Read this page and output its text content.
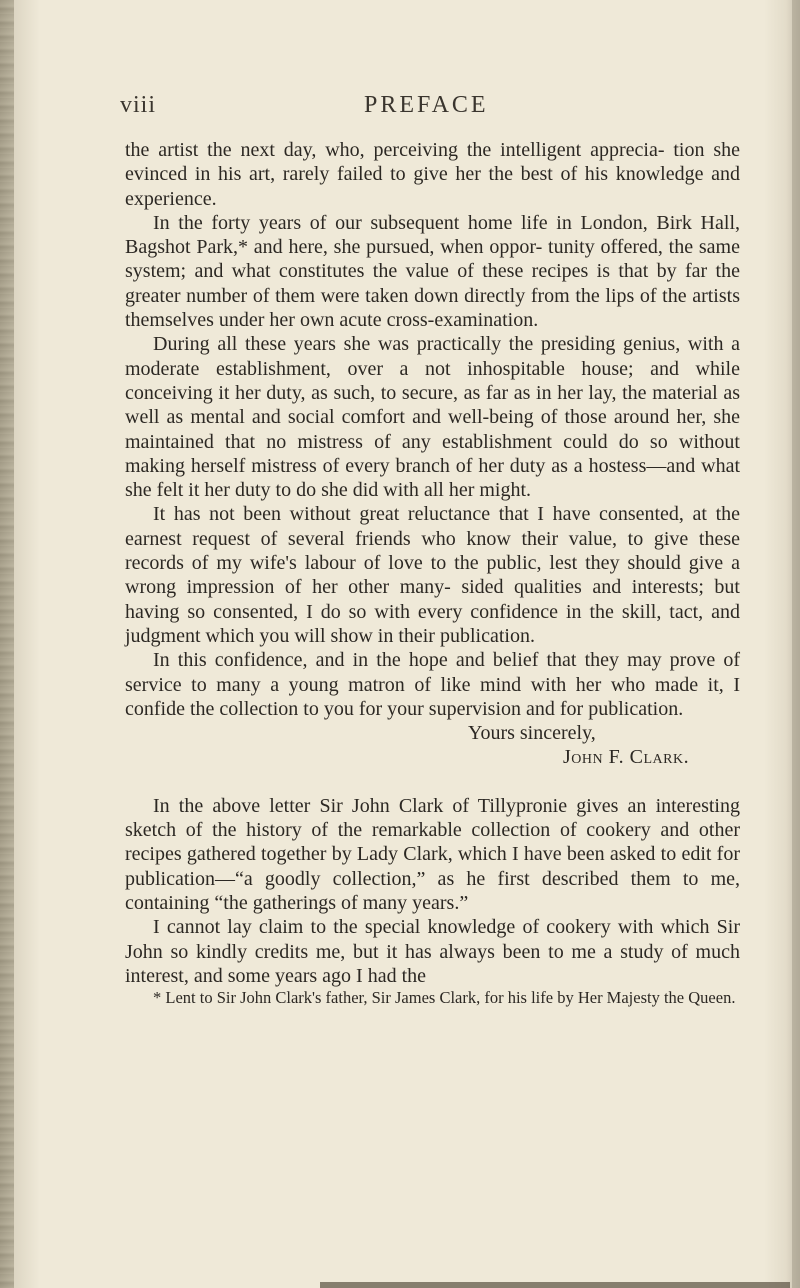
viii	PREFACE

the artist the next day, who, perceiving the intelligent apprecia- tion she evinced in his art, rarely failed to give her the best of his knowledge and experience.

In the forty years of our subsequent home life in London, Birk Hall, Bagshot Park,* and here, she pursued, when oppor- tunity offered, the same system; and what constitutes the value of these recipes is that by far the greater number of them were taken down directly from the lips of the artists themselves under her own acute cross-examination.

During all these years she was practically the presiding genius, with a moderate establishment, over a not inhospitable house; and while conceiving it her duty, as such, to secure, as far as in her lay, the material as well as mental and social comfort and well-being of those around her, she maintained that no mistress of any establishment could do so without making herself mistress of every branch of her duty as a hostess—and what she felt it her duty to do she did with all her might.

It has not been without great reluctance that I have consented, at the earnest request of several friends who know their value, to give these records of my wife's labour of love to the public, lest they should give a wrong impression of her other many- sided qualities and interests; but having so consented, I do so with every confidence in the skill, tact, and judgment which you will show in their publication.

In this confidence, and in the hope and belief that they may prove of service to many a young matron of like mind with her who made it, I confide the collection to you for your supervision and for publication.

Yours sincerely,

John F. Clark.

In the above letter Sir John Clark of Tillypronie gives an interesting sketch of the history of the remarkable collection of cookery and other recipes gathered together by Lady Clark, which I have been asked to edit for publication—“a goodly collection,” as he first described them to me, containing “the gatherings of many years.”

I cannot lay claim to the special knowledge of cookery with which Sir John so kindly credits me, but it has always been to me a study of much interest, and some years ago I had the

* Lent to Sir John Clark's father, Sir James Clark, for his life by Her Majesty the Queen.
